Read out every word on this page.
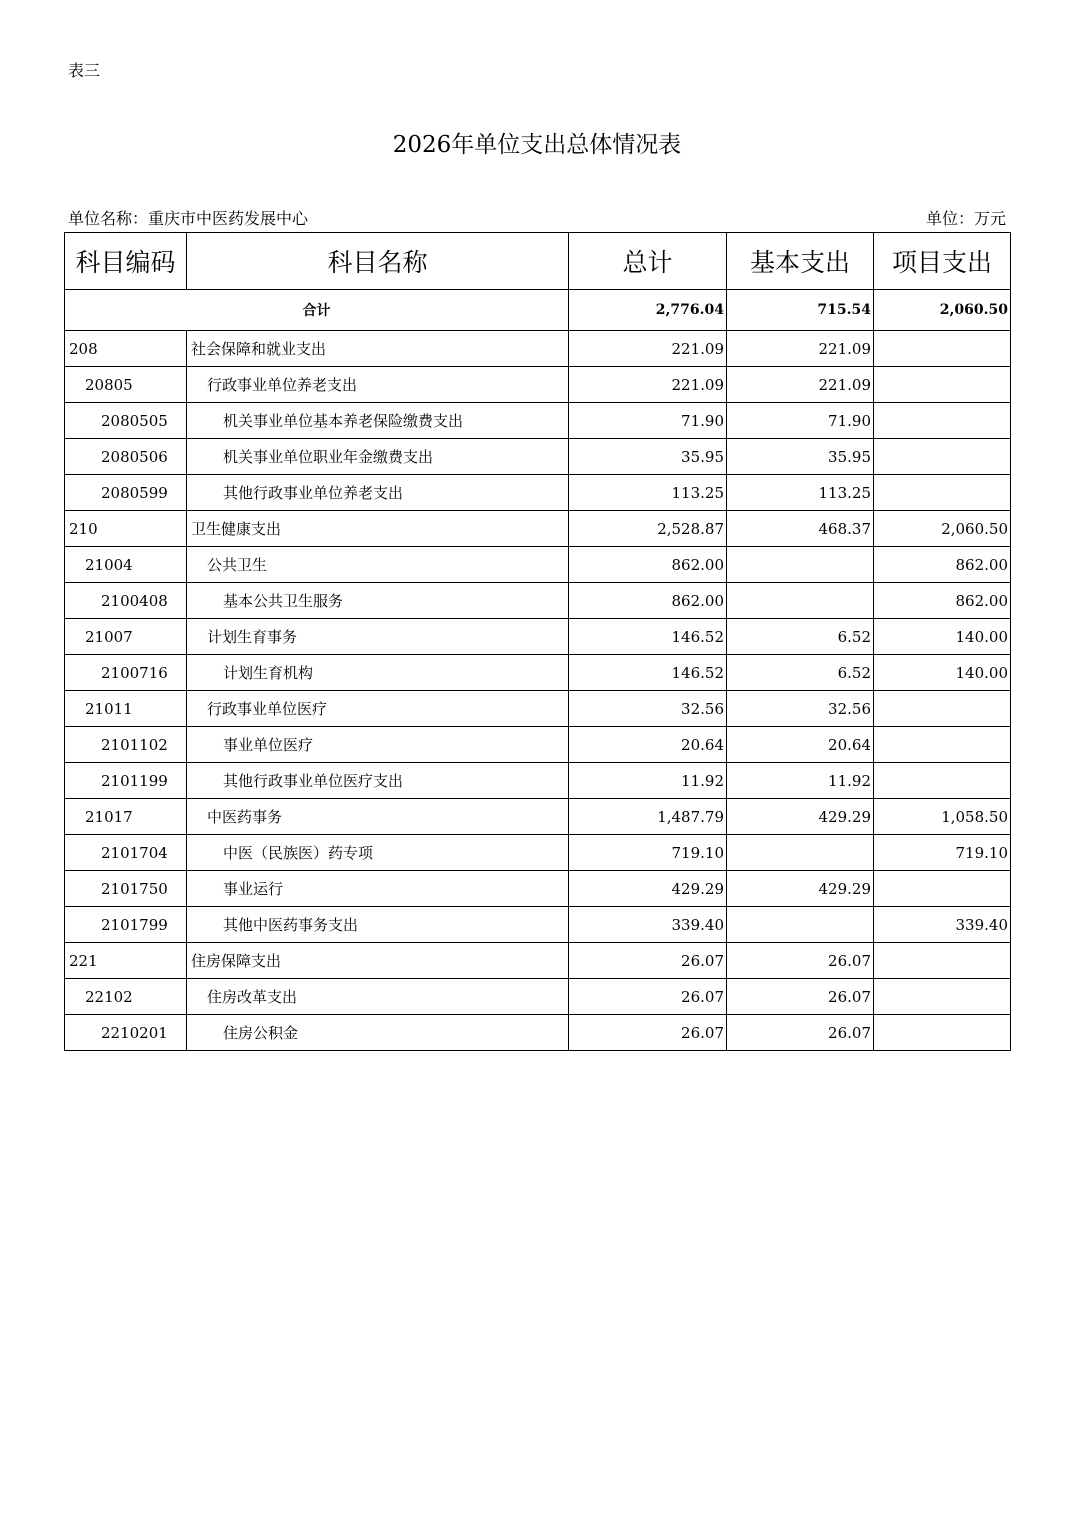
表三
2026年单位支出总体情况表
单位名称：重庆市中医药发展中心	单位：万元
科目编码	科目名称	总计	基本支出	项目支出
合计		2,776.04	715.54	2,060.50
208	社会保障和就业支出	221.09	221.09	
20805	行政事业单位养老支出	221.09	221.09	
2080505	机关事业单位基本养老保险缴费支出	71.90	71.90	
2080506	机关事业单位职业年金缴费支出	35.95	35.95	
2080599	其他行政事业单位养老支出	113.25	113.25	
210	卫生健康支出	2,528.87	468.37	2,060.50
21004	公共卫生	862.00		862.00
2100408	基本公共卫生服务	862.00		862.00
21007	计划生育事务	146.52	6.52	140.00
2100716	计划生育机构	146.52	6.52	140.00
21011	行政事业单位医疗	32.56	32.56	
2101102	事业单位医疗	20.64	20.64	
2101199	其他行政事业单位医疗支出	11.92	11.92	
21017	中医药事务	1,487.79	429.29	1,058.50
2101704	中医（民族医）药专项	719.10		719.10
2101750	事业运行	429.29	429.29	
2101799	其他中医药事务支出	339.40		339.40
221	住房保障支出	26.07	26.07	
22102	住房改革支出	26.07	26.07	
2210201	住房公积金	26.07	26.07	
